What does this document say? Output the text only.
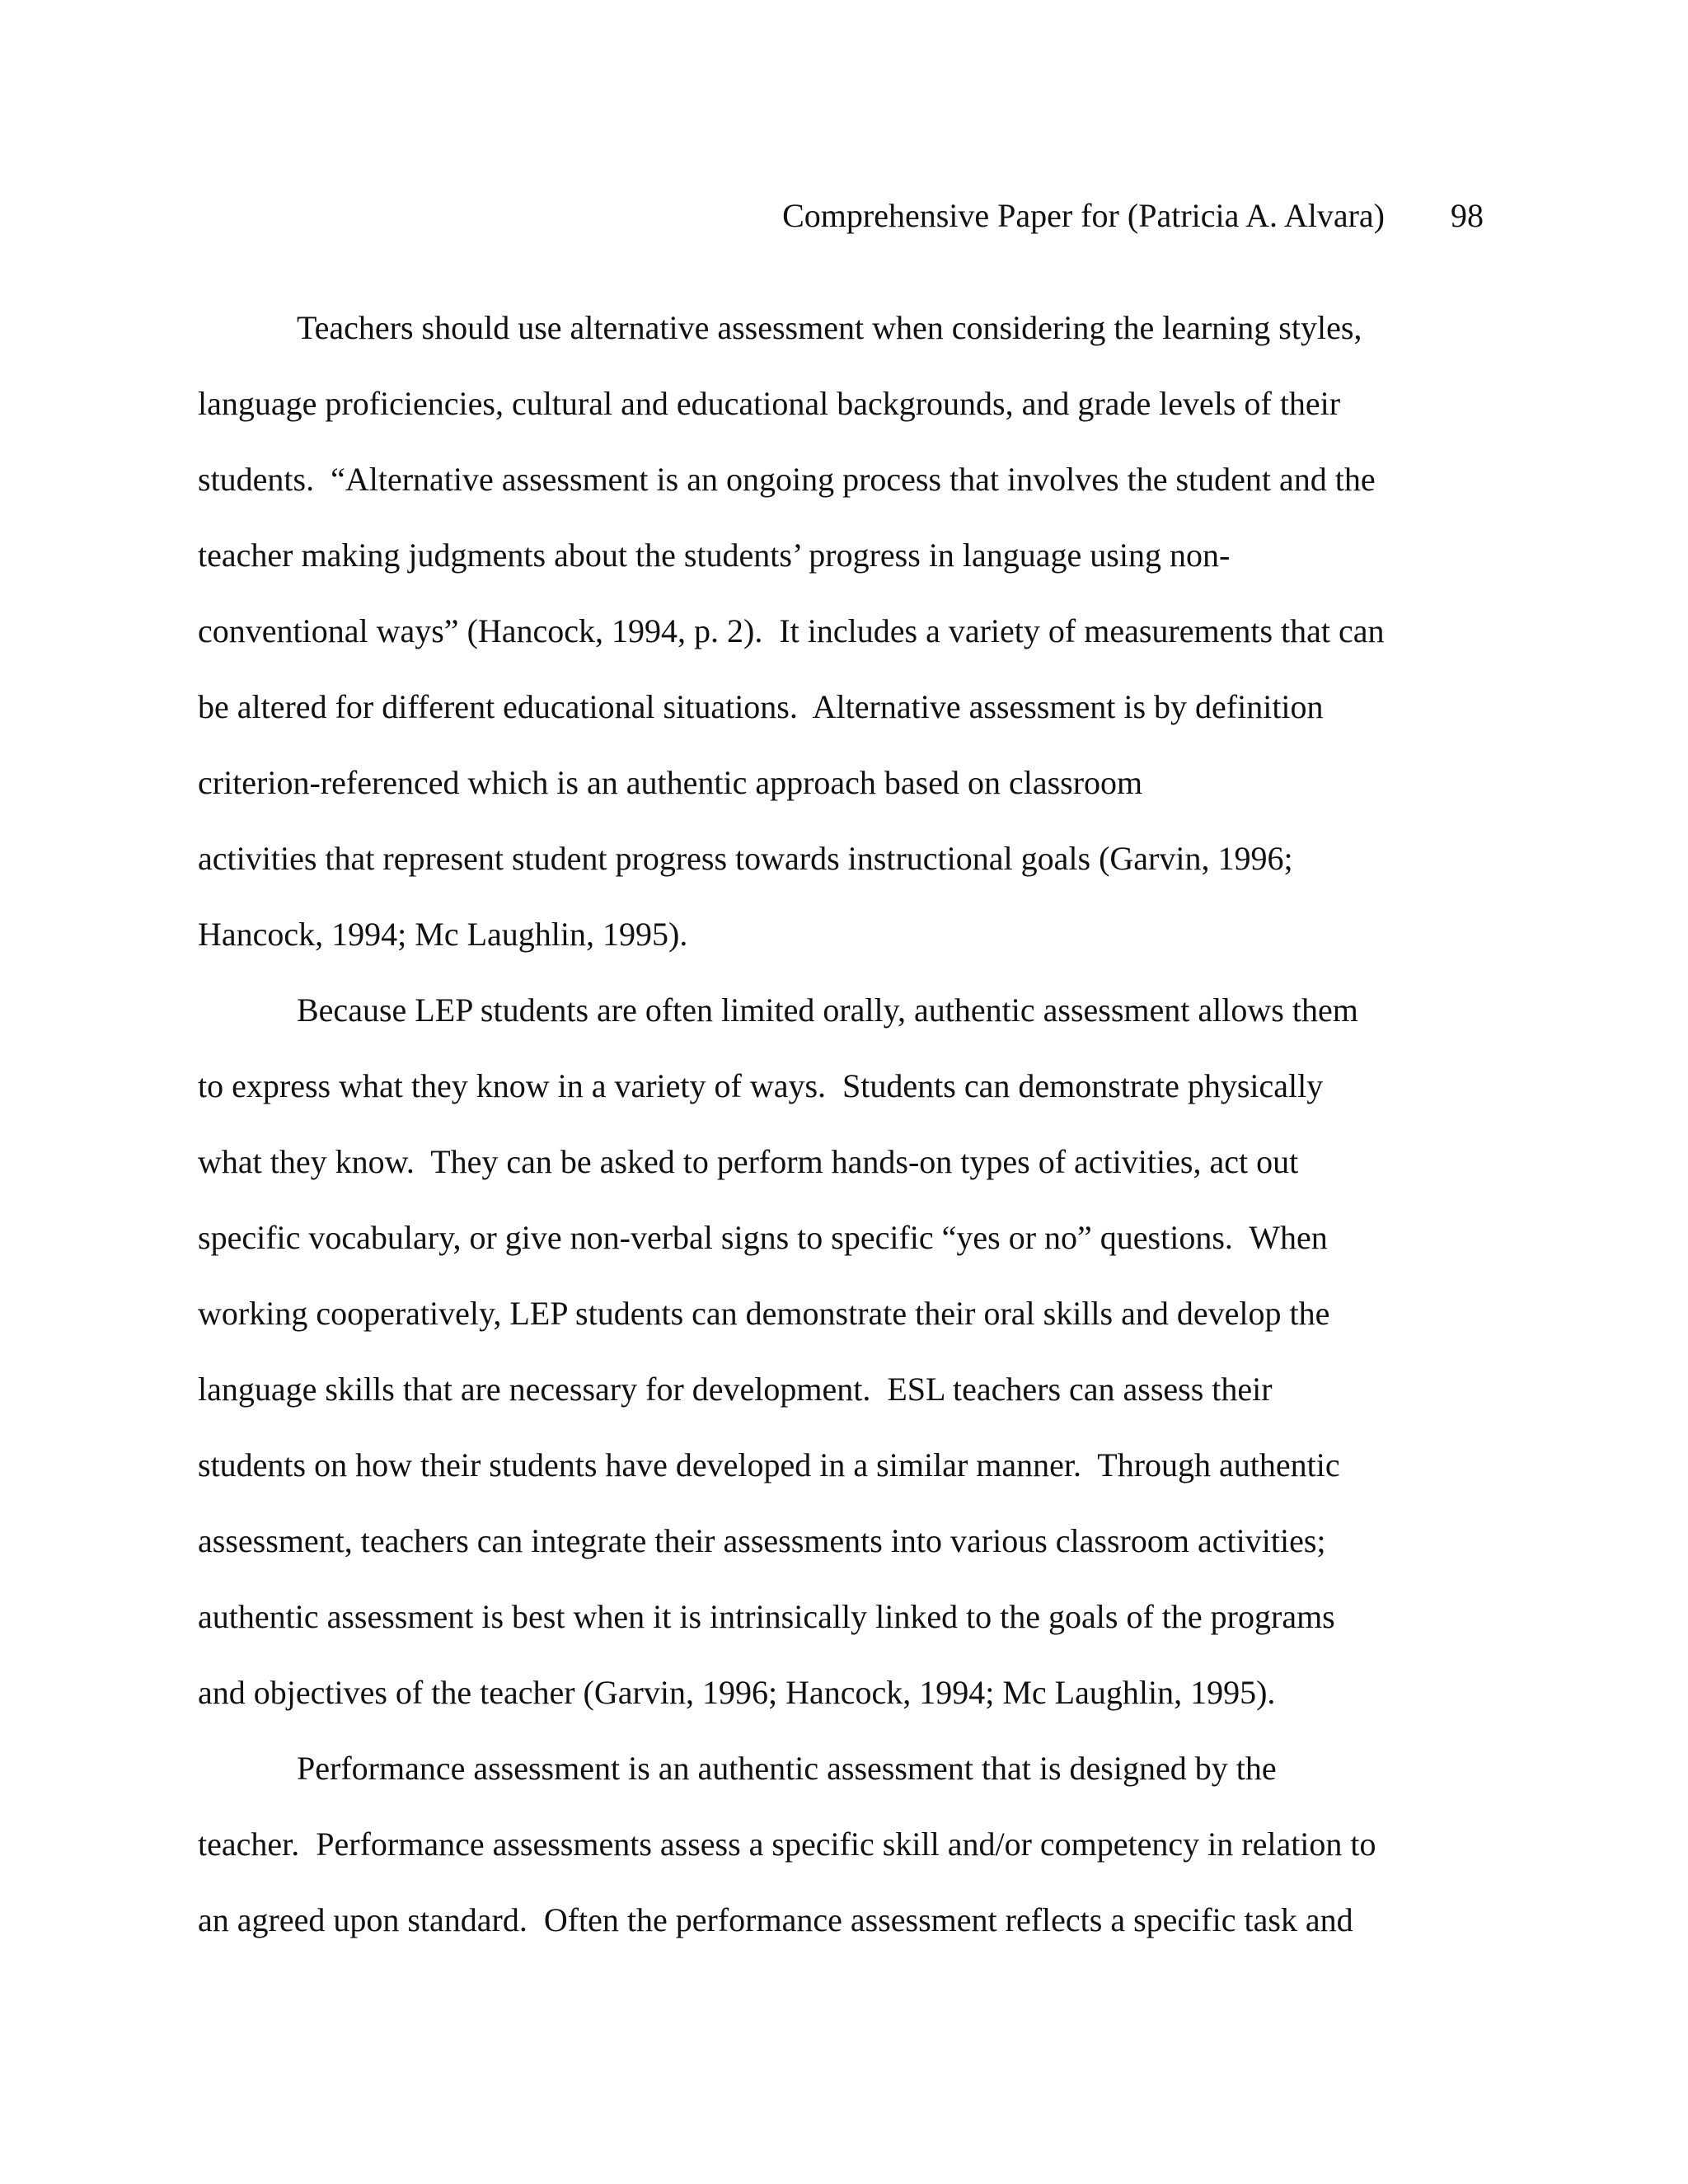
Comprehensive Paper for (Patricia A. Alvara) 98
Teachers should use alternative assessment when considering the learning styles,
language proficiencies, cultural and educational backgrounds, and grade levels of their
students.  “Alternative assessment is an ongoing process that involves the student and the
teacher making judgments about the students’ progress in language using non-
conventional ways” (Hancock, 1994, p. 2).  It includes a variety of measurements that can
be altered for different educational situations.  Alternative assessment is by definition
criterion-referenced which is an authentic approach based on classroom
activities that represent student progress towards instructional goals (Garvin, 1996;
Hancock, 1994; Mc Laughlin, 1995).
Because LEP students are often limited orally, authentic assessment allows them
to express what they know in a variety of ways.  Students can demonstrate physically
what they know.  They can be asked to perform hands-on types of activities, act out
specific vocabulary, or give non-verbal signs to specific “yes or no” questions.  When
working cooperatively, LEP students can demonstrate their oral skills and develop the
language skills that are necessary for development.  ESL teachers can assess their
students on how their students have developed in a similar manner.  Through authentic
assessment, teachers can integrate their assessments into various classroom activities;
authentic assessment is best when it is intrinsically linked to the goals of the programs
and objectives of the teacher (Garvin, 1996; Hancock, 1994; Mc Laughlin, 1995).
Performance assessment is an authentic assessment that is designed by the
teacher.  Performance assessments assess a specific skill and/or competency in relation to
an agreed upon standard.  Often the performance assessment reflects a specific task and
